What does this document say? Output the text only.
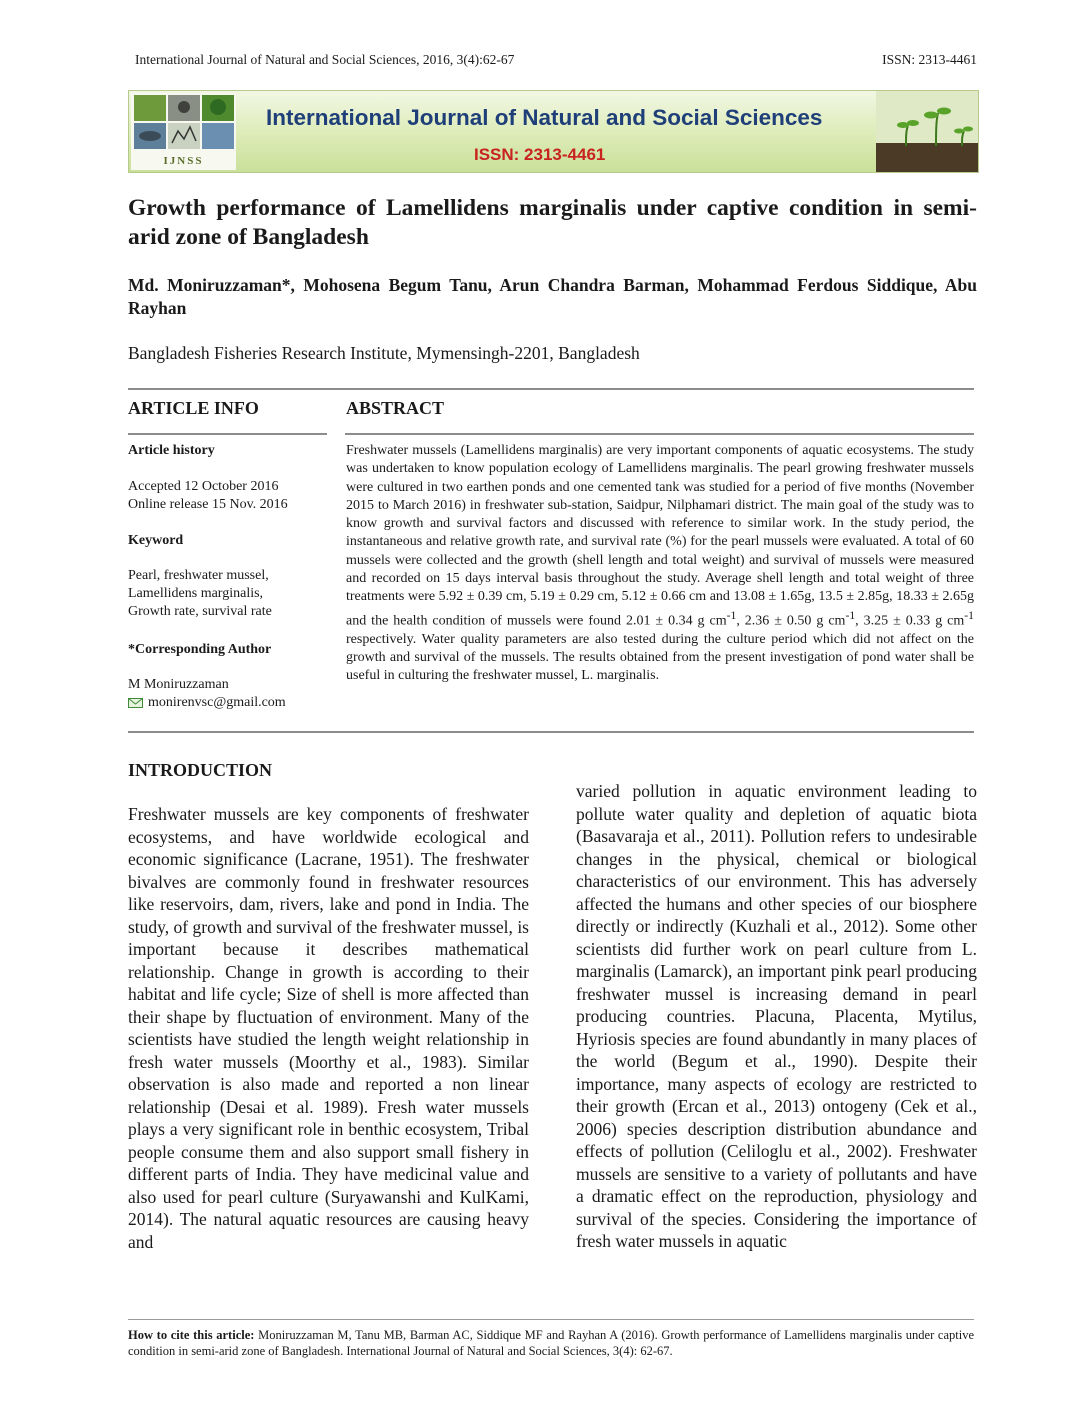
International Journal of Natural and Social Sciences, 2016, 3(4):62-67	ISSN: 2313-4461
IJNSS
International Journal of Natural and Social Sciences
ISSN: 2313-4461
Growth performance of Lamellidens marginalis under captive condition in semi-arid zone of Bangladesh
Md. Moniruzzaman*, Mohosena Begum Tanu, Arun Chandra Barman, Mohammad Ferdous Siddique, Abu Rayhan
Bangladesh Fisheries Research Institute, Mymensingh-2201, Bangladesh
ARTICLE INFO	ABSTRACT
Article history
Accepted 12 October 2016
Online release 15 Nov. 2016
Keyword
Pearl, freshwater mussel,
Lamellidens marginalis,
Growth rate, survival rate
*Corresponding Author
M Moniruzzaman
monirenvsc@gmail.com
Freshwater mussels (Lamellidens marginalis) are very important components of aquatic ecosystems. The study was undertaken to know population ecology of Lamellidens marginalis. The pearl growing freshwater mussels were cultured in two earthen ponds and one cemented tank was studied for a period of five months (November 2015 to March 2016) in freshwater sub-station, Saidpur, Nilphamari district. The main goal of the study was to know growth and survival factors and discussed with reference to similar work. In the study period, the instantaneous and relative growth rate, and survival rate (%) for the pearl mussels were evaluated. A total of 60 mussels were collected and the growth (shell length and total weight) and survival of mussels were measured and recorded on 15 days interval basis throughout the study. Average shell length and total weight of three treatments were 5.92 ± 0.39 cm, 5.19 ± 0.29 cm, 5.12 ± 0.66 cm and 13.08 ± 1.65g, 13.5 ± 2.85g, 18.33 ± 2.65g and the health condition of mussels were found 2.01 ± 0.34 g $cm^{-1}$, 2.36 ± 0.50 g $cm^{-1}$, 3.25 ± 0.33 g $cm^{-1}$ respectively. Water quality parameters are also tested during the culture period which did not affect on the growth and survival of the mussels. The results obtained from the present investigation of pond water shall be useful in culturing the freshwater mussel, L. marginalis.
INTRODUCTION
Freshwater mussels are key components of freshwater ecosystems, and have worldwide ecological and economic significance (Lacrane, 1951). The freshwater bivalves are commonly found in freshwater resources like reservoirs, dam, rivers, lake and pond in India. The study, of growth and survival of the freshwater mussel, is important because it describes mathematical relationship. Change in growth is according to their habitat and life cycle; Size of shell is more affected than their shape by fluctuation of environment. Many of the scientists have studied the length weight relationship in fresh water mussels (Moorthy et al., 1983). Similar observation is also made and reported a non linear relationship (Desai et al. 1989). Fresh water mussels plays a very significant role in benthic ecosystem, Tribal people consume them and also support small fishery in different parts of India. They have medicinal value and also used for pearl culture (Suryawanshi and KulKami, 2014). The natural aquatic resources are causing heavy and
varied pollution in aquatic environment leading to pollute water quality and depletion of aquatic biota (Basavaraja et al., 2011). Pollution refers to undesirable changes in the physical, chemical or biological characteristics of our environment. This has adversely affected the humans and other species of our biosphere directly or indirectly (Kuzhali et al., 2012). Some other scientists did further work on pearl culture from L. marginalis (Lamarck), an important pink pearl producing freshwater mussel is increasing demand in pearl producing countries. Placuna, Placenta, Mytilus, Hyriosis species are found abundantly in many places of the world (Begum et al., 1990). Despite their importance, many aspects of ecology are restricted to their growth (Ercan et al., 2013) ontogeny (Cek et al., 2006) species description distribution abundance and effects of pollution (Celiloglu et al., 2002). Freshwater mussels are sensitive to a variety of pollutants and have a dramatic effect on the reproduction, physiology and survival of the species. Considering the importance of fresh water mussels in aquatic
How to cite this article: Moniruzzaman M, Tanu MB, Barman AC, Siddique MF and Rayhan A (2016). Growth performance of Lamellidens marginalis under captive condition in semi-arid zone of Bangladesh. International Journal of Natural and Social Sciences, 3(4): 62-67.
